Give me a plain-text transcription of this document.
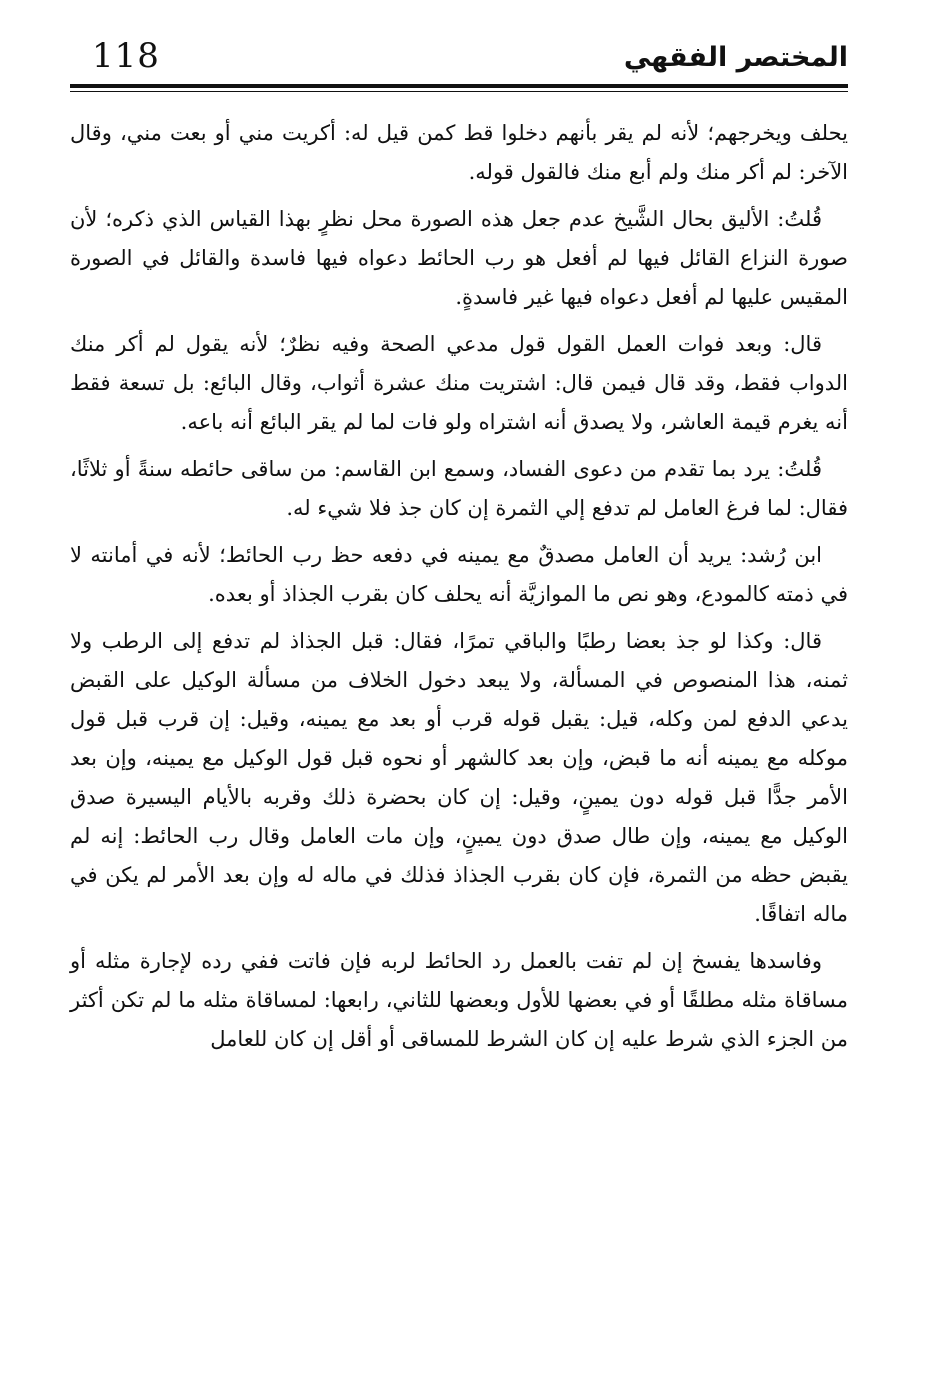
118	المختصر الفقهي

يحلف ويخرجهم؛ لأنه لم يقر بأنهم دخلوا قط كمن قيل له: أكريت مني أو بعت مني، وقال الآخر: لم أكر منك ولم أبع منك فالقول قوله.

قُلتُ: الأليق بحال الشَّيخ عدم جعل هذه الصورة محل نظرٍ بهذا القياس الذي ذكره؛ لأن صورة النزاع القائل فيها لم أفعل هو رب الحائط دعواه فيها فاسدة والقائل في الصورة المقيس عليها لم أفعل دعواه فيها غير فاسدةٍ.

قال: وبعد فوات العمل القول قول مدعي الصحة وفيه نظرٌ؛ لأنه يقول لم أكر منك الدواب فقط، وقد قال فيمن قال: اشتريت منك عشرة أثواب، وقال البائع: بل تسعة فقط أنه يغرم قيمة العاشر، ولا يصدق أنه اشتراه ولو فات لما لم يقر البائع أنه باعه.

قُلتُ: يرد بما تقدم من دعوى الفساد، وسمع ابن القاسم: من ساقى حائطه سنةً أو ثلاثًا، فقال: لما فرغ العامل لم تدفع إلي الثمرة إن كان جذ فلا شيء له.

ابن رُشد: يريد أن العامل مصدقٌ مع يمينه في دفعه حظ رب الحائط؛ لأنه في أمانته لا في ذمته كالمودع، وهو نص ما الموازيَّة أنه يحلف كان بقرب الجذاذ أو بعده.

قال: وكذا لو جذ بعضا رطبًا والباقي تمرًا، فقال: قبل الجذاذ لم تدفع إلى الرطب ولا ثمنه، هذا المنصوص في المسألة، ولا يبعد دخول الخلاف من مسألة الوكيل على القبض يدعي الدفع لمن وكله، قيل: يقبل قوله قرب أو بعد مع يمينه، وقيل: إن قرب قبل قول موكله مع يمينه أنه ما قبض، وإن بعد كالشهر أو نحوه قبل قول الوكيل مع يمينه، وإن بعد الأمر جدًّا قبل قوله دون يمينٍ، وقيل: إن كان بحضرة ذلك وقربه بالأيام اليسيرة صدق الوكيل مع يمينه، وإن طال صدق دون يمينٍ، وإن مات العامل وقال رب الحائط: إنه لم يقبض حظه من الثمرة، فإن كان بقرب الجذاذ فذلك في ماله له وإن بعد الأمر لم يكن في ماله اتفاقًا.

وفاسدها يفسخ إن لم تفت بالعمل رد الحائط لربه فإن فاتت ففي رده لإجارة مثله أو مساقاة مثله مطلقًا أو في بعضها للأول وبعضها للثاني، رابعها: لمساقاة مثله ما لم تكن أكثر من الجزء الذي شرط عليه إن كان الشرط للمساقى أو أقل إن كان للعامل
